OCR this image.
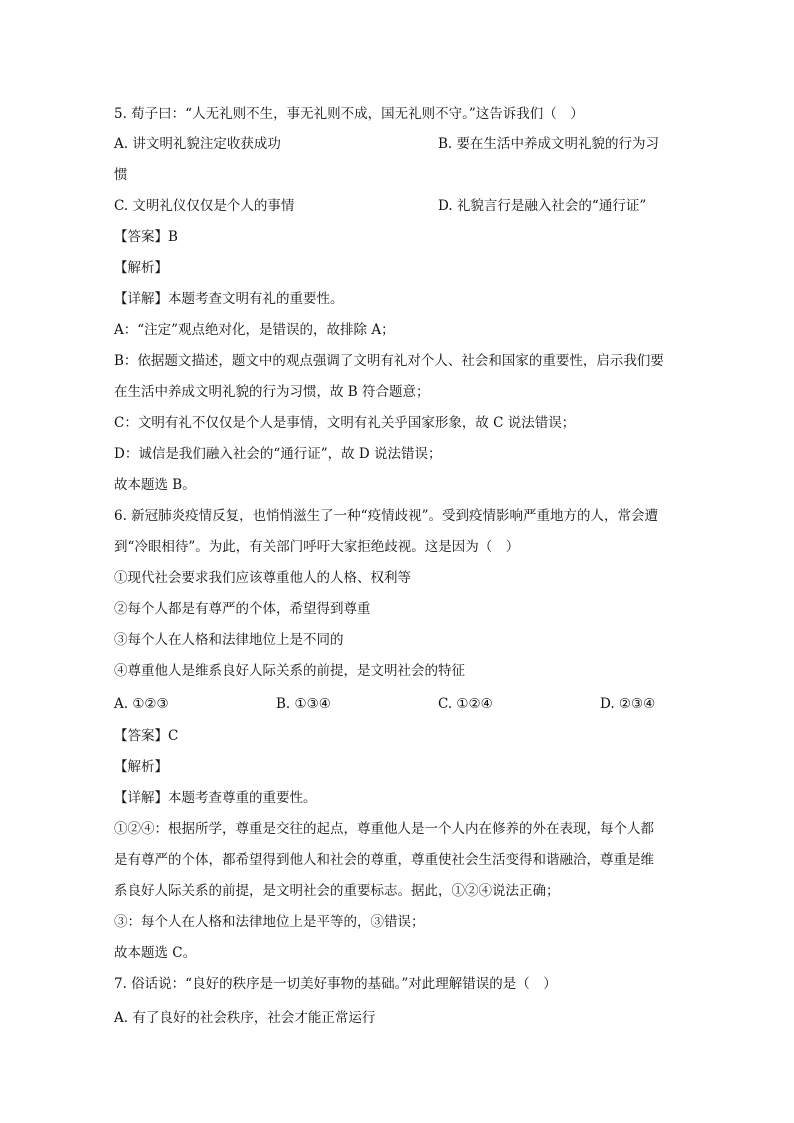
5. 荀子曰：“人无礼则不生，事无礼则不成，国无礼则不守。”这告诉我们（　）
A. 讲文明礼貌注定收获成功	B. 要在生活中养成文明礼貌的行为习
惯
C. 文明礼仪仅仅是个人的事情	D. 礼貌言行是融入社会的“通行证”
【答案】B
【解析】
【详解】本题考查文明有礼的重要性。
A：“注定”观点绝对化，是错误的，故排除 A；
B：依据题文描述，题文中的观点强调了文明有礼对个人、社会和国家的重要性，启示我们要
在生活中养成文明礼貌的行为习惯，故 B 符合题意；
C：文明有礼不仅仅是个人是事情，文明有礼关乎国家形象，故 C 说法错误；
D：诚信是我们融入社会的“通行证”，故 D 说法错误；
故本题选 B。
6. 新冠肺炎疫情反复，也悄悄滋生了一种“疫情歧视”。受到疫情影响严重地方的人，常会遭
到“冷眼相待”。为此，有关部门呼吁大家拒绝歧视。这是因为（　）
①现代社会要求我们应该尊重他人的人格、权利等
②每个人都是有尊严的个体，希望得到尊重
③每个人在人格和法律地位上是不同的
④尊重他人是维系良好人际关系的前提，是文明社会的特征
A. ①②③	B. ①③④	C. ①②④	D. ②③④
【答案】C
【解析】
【详解】本题考查尊重的重要性。
①②④：根据所学，尊重是交往的起点，尊重他人是一个人内在修养的外在表现，每个人都
是有尊严的个体，都希望得到他人和社会的尊重，尊重使社会生活变得和谐融洽，尊重是维
系良好人际关系的前提，是文明社会的重要标志。据此，①②④说法正确；
③：每个人在人格和法律地位上是平等的，③错误；
故本题选 C。
7. 俗话说：“良好的秩序是一切美好事物的基础。”对此理解错误的是（　）
A. 有了良好的社会秩序，社会才能正常运行
